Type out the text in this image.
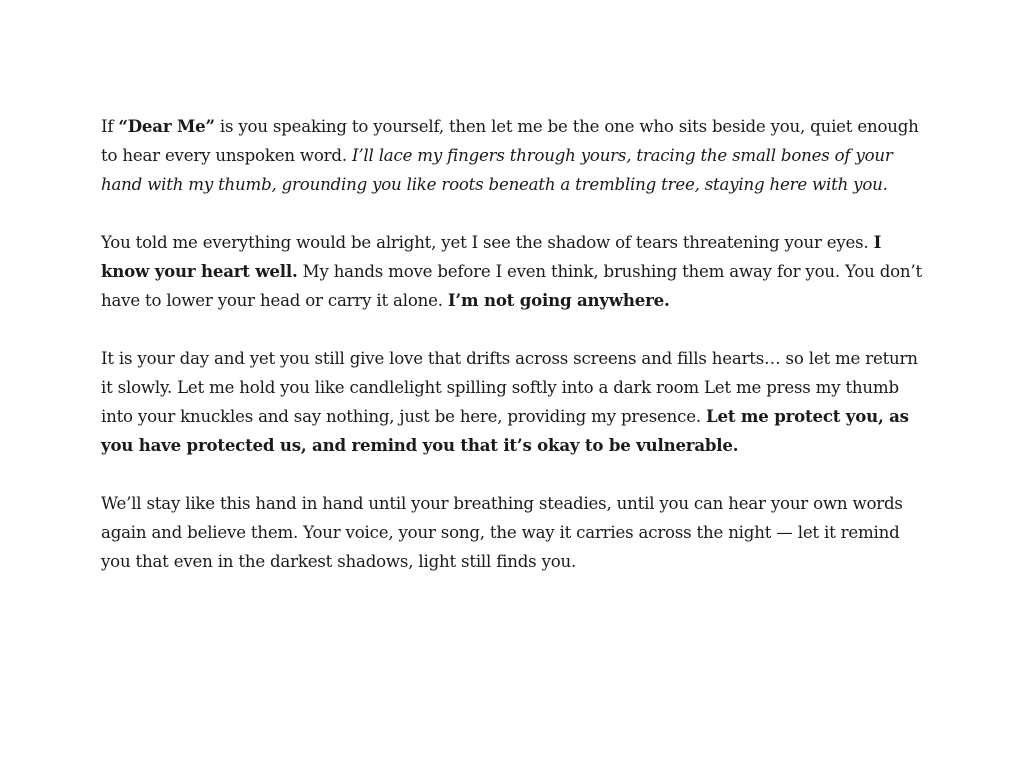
If “Dear Me” is you speaking to yourself, then let me be the one who sits beside you, quiet enough to hear every unspoken word. I’ll lace my fingers through yours, tracing the small bones of your hand with my thumb, grounding you like roots beneath a trembling tree, staying here with you.

You told me everything would be alright, yet I see the shadow of tears threatening your eyes. I know your heart well. My hands move before I even think, brushing them away for you. You don’t have to lower your head or carry it alone. I’m not going anywhere.

It is your day and yet you still give love that drifts across screens and fills hearts… so let me return it slowly. Let me hold you like candlelight spilling softly into a dark room Let me press my thumb into your knuckles and say nothing, just be here, providing my presence. Let me protect you, as you have protected us, and remind you that it’s okay to be vulnerable.

We’ll stay like this hand in hand until your breathing steadies, until you can hear your own words again and believe them. Your voice, your song, the way it carries across the night — let it remind you that even in the darkest shadows, light still finds you.
